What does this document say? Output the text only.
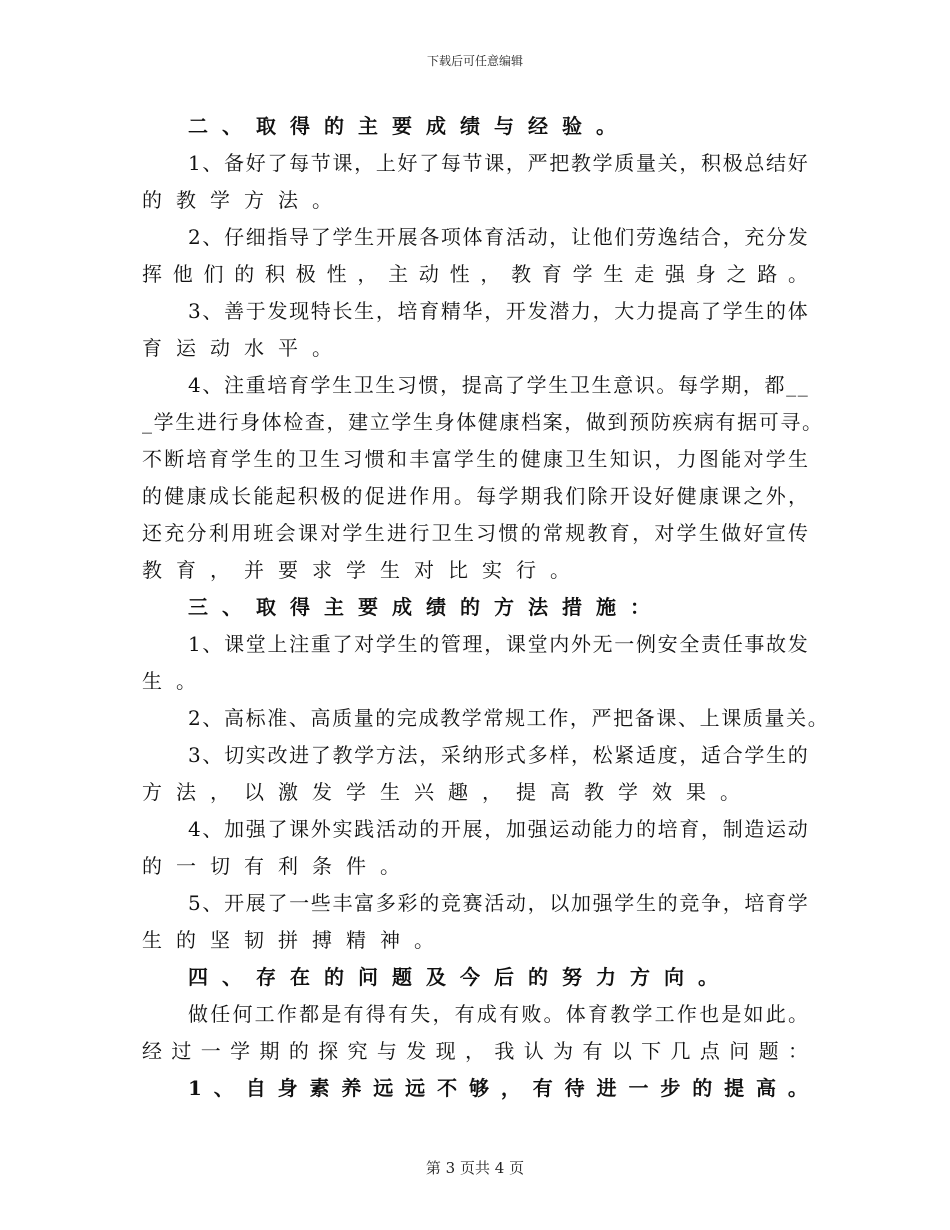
下载后可任意编辑
二、取得的主要成绩与经验。
1、备好了每节课，上好了每节课，严把教学质量关，积极总结好
的教学方法。
2、仔细指导了学生开展各项体育活动，让他们劳逸结合，充分发
挥他们的积极性，主动性，教育学生走强身之路。
3、善于发现特长生，培育精华，开发潜力，大力提高了学生的体
育运动水平。
4、注重培育学生卫生习惯，提高了学生卫生意识。每学期，都__
_学生进行身体检查，建立学生身体健康档案，做到预防疾病有据可寻。
不断培育学生的卫生习惯和丰富学生的健康卫生知识，力图能对学生
的健康成长能起积极的促进作用。每学期我们除开设好健康课之外，
还充分利用班会课对学生进行卫生习惯的常规教育，对学生做好宣传
教育，并要求学生对比实行。
三、取得主要成绩的方法措施：
1、课堂上注重了对学生的管理，课堂内外无一例安全责任事故发
生。
2、高标准、高质量的完成教学常规工作，严把备课、上课质量关。
3、切实改进了教学方法，采纳形式多样，松紧适度，适合学生的
方法，以激发学生兴趣，提高教学效果。
4、加强了课外实践活动的开展，加强运动能力的培育，制造运动
的一切有利条件。
5、开展了一些丰富多彩的竞赛活动，以加强学生的竞争，培育学
生的坚韧拼搏精神。
四、存在的问题及今后的努力方向。
做任何工作都是有得有失，有成有败。体育教学工作也是如此。
经过一学期的探究与发现，我认为有以下几点问题：
1、自身素养远远不够，有待进一步的提高。
第 3 页共 4 页
